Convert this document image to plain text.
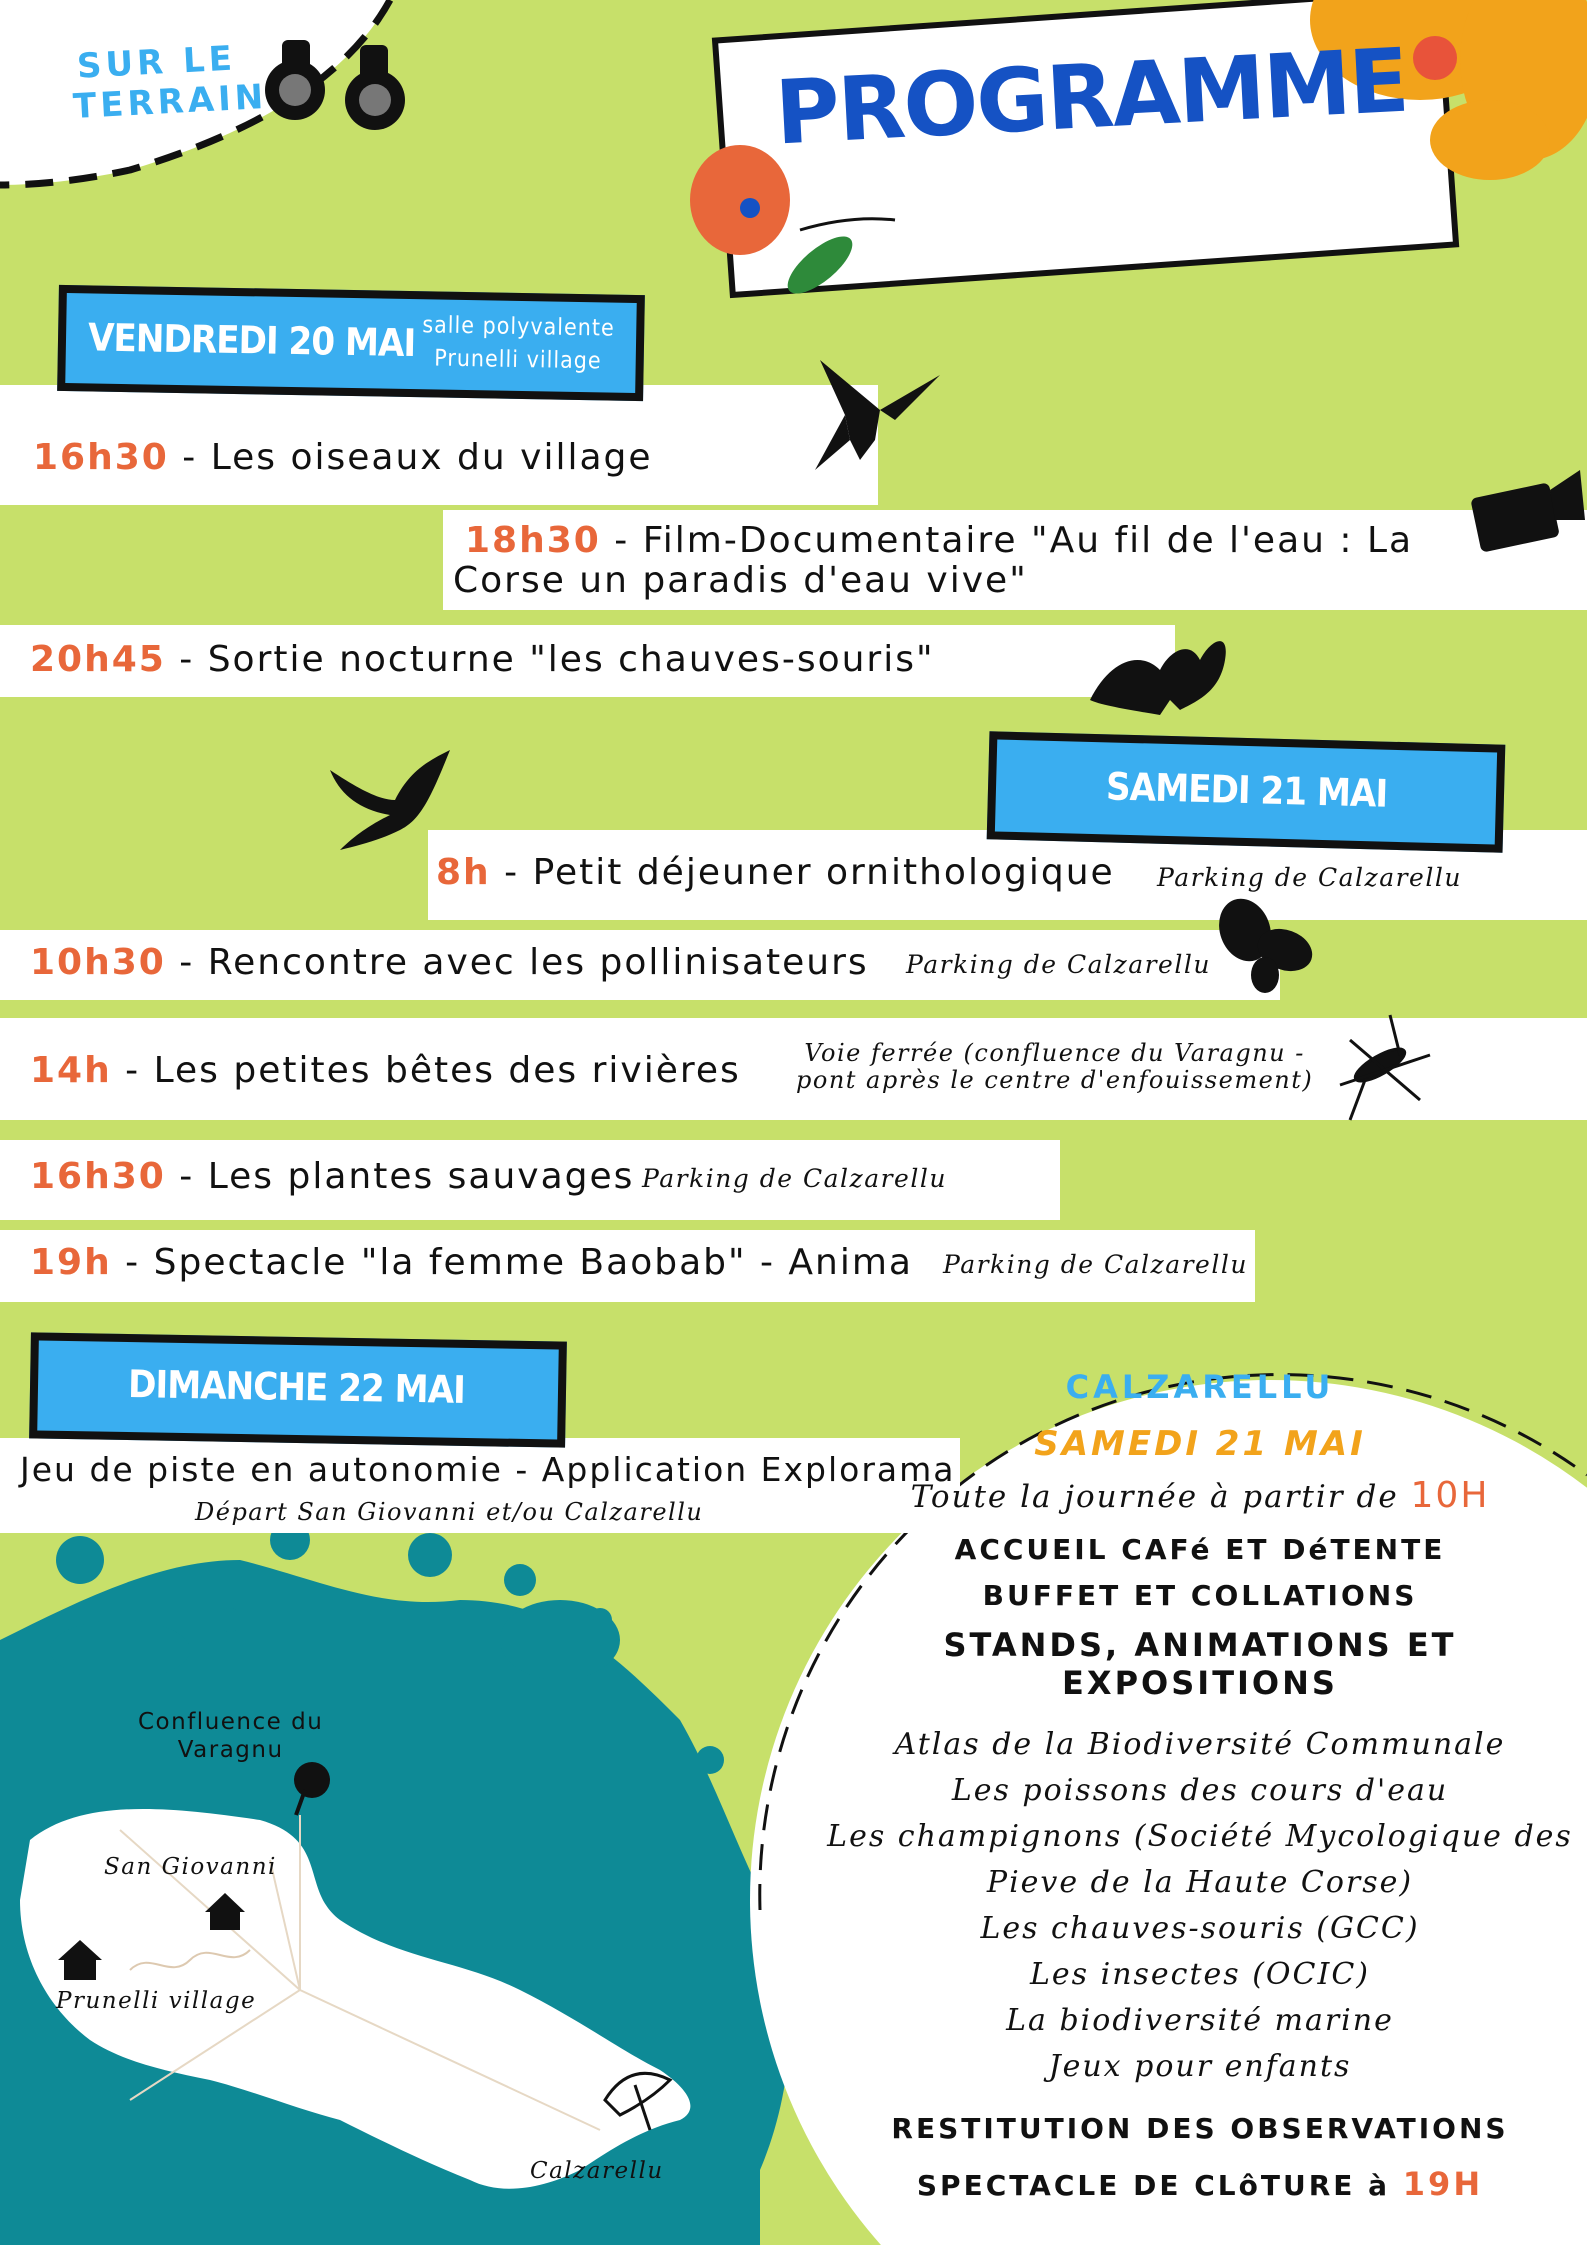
SUR LE
TERRAIN	PROGRAMME
VENDREDI 20 MAI salle polyvalente
Prunelli village
16h30 - Les oiseaux du village
18h30 - Film-Documentaire "Au fil de l'eau : La
Corse un paradis d'eau vive"
20h45 - Sortie nocturne "les chauves-souris"
SAMEDI 21 MAI
8h - Petit déjeuner ornithologique Parking de Calzarellu
10h30 - Rencontre avec les pollinisateurs Parking de Calzarellu
14h - Les petites bêtes des rivières	Voie ferrée (confluence du Varagnu -
pont après le centre d'enfouissement)
16h30 - Les plantes sauvages Parking de Calzarellu
19h - Spectacle "la femme Baobab" - Anima Parking de Calzarellu
DIMANCHE 22 MAI
Jeu de piste en autonomie - Application Explorama
Départ San Giovanni et/ou Calzarellu
Confluence du
Varagnu
San Giovanni
Prunelli village
Calzarellu
CALZARELLU
SAMEDI 21 MAI
Toute la journée à partir de 10H
ACCUEIL CAFé ET DéTENTE
BUFFET ET COLLATIONS
STANDS, ANIMATIONS ET
EXPOSITIONS
Atlas de la Biodiversité Communale
Les poissons des cours d'eau
Les champignons (Société Mycologique des
Pieve de la Haute Corse)
Les chauves-souris (GCC)
Les insectes (OCIC)
La biodiversité marine
Jeux pour enfants
RESTITUTION DES OBSERVATIONS
SPECTACLE DE CLôTURE à 19H
